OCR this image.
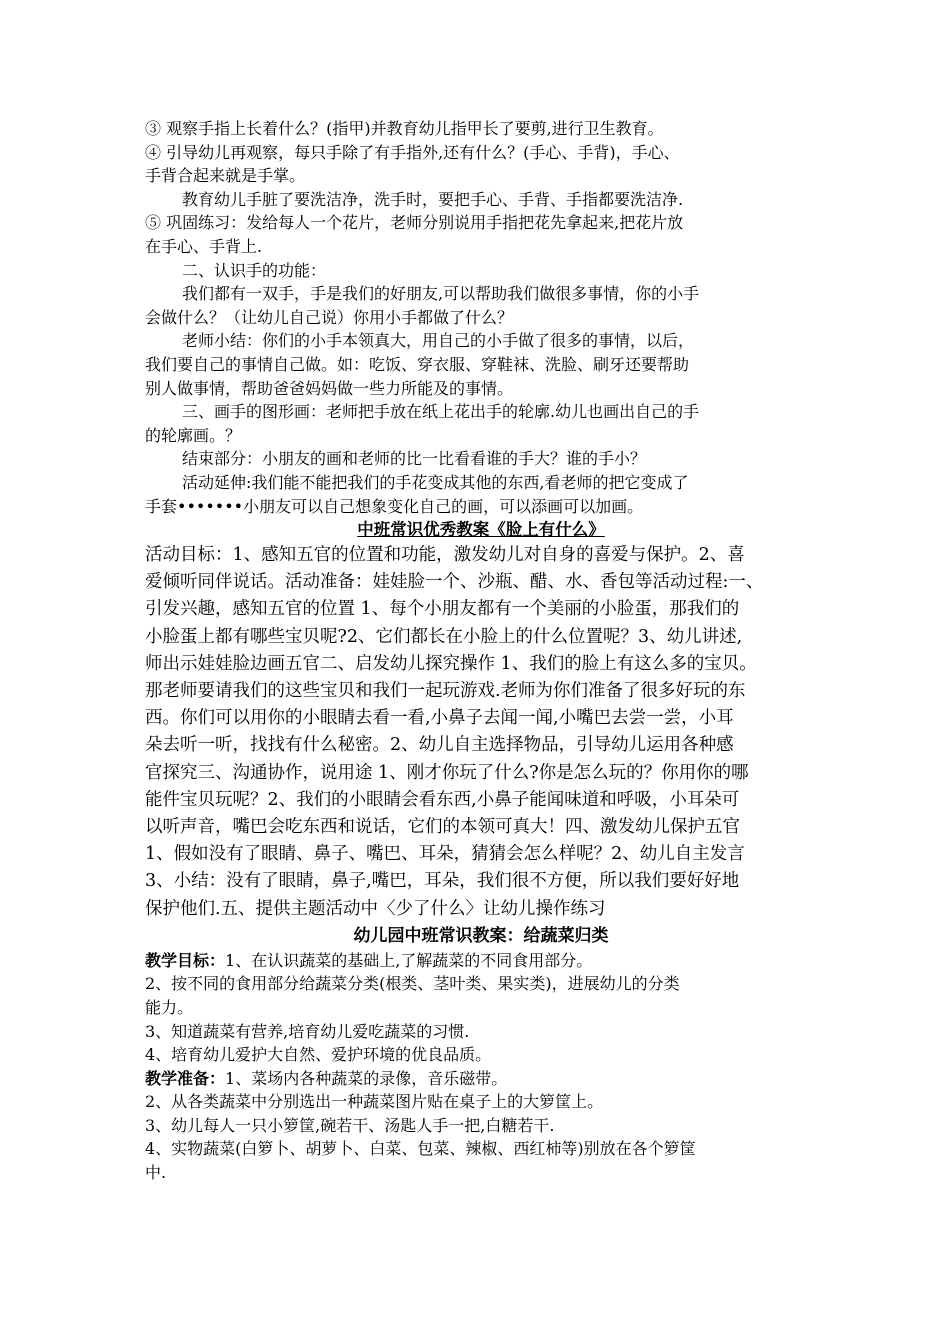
③ 观察手指上长着什么？(指甲)并教育幼儿指甲长了要剪,进行卫生教育。
④ 引导幼儿再观察，每只手除了有手指外,还有什么？(手心、手背)，手心、
手背合起来就是手掌。
教育幼儿手脏了要洗洁净，洗手时，要把手心、手背、手指都要洗洁净.
⑤ 巩固练习：发给每人一个花片，老师分别说用手指把花先拿起来,把花片放
在手心、手背上.
二、认识手的功能：
我们都有一双手，手是我们的好朋友,可以帮助我们做很多事情，你的小手
会做什么？（让幼儿自己说）你用小手都做了什么？
老师小结：你们的小手本领真大，用自己的小手做了很多的事情，以后，
我们要自己的事情自己做。如：吃饭、穿衣服、穿鞋袜、洗脸、刷牙还要帮助
别人做事情，帮助爸爸妈妈做一些力所能及的事情。
三、画手的图形画：老师把手放在纸上花出手的轮廓.幼儿也画出自己的手
的轮廓画。？
结束部分：小朋友的画和老师的比一比看看谁的手大？谁的手小？
活动延伸:我们能不能把我们的手花变成其他的东西,看老师的把它变成了
手套•••••••小朋友可以自己想象变化自己的画，可以添画可以加画。
中班常识优秀教案《脸上有什么》
活动目标：1、感知五官的位置和功能，激发幼儿对自身的喜爱与保护。2、喜
爱倾听同伴说话。活动准备：娃娃脸一个、沙瓶、醋、水、香包等活动过程:一、
引发兴趣，感知五官的位置 1、每个小朋友都有一个美丽的小脸蛋，那我们的
小脸蛋上都有哪些宝贝呢?2、它们都长在小脸上的什么位置呢？3、幼儿讲述,
师出示娃娃脸边画五官二、启发幼儿探究操作 1、我们的脸上有这么多的宝贝。
那老师要请我们的这些宝贝和我们一起玩游戏.老师为你们准备了很多好玩的东
西。你们可以用你的小眼睛去看一看,小鼻子去闻一闻,小嘴巴去尝一尝，小耳
朵去听一听，找找有什么秘密。2、幼儿自主选择物品，引导幼儿运用各种感
官探究三、沟通协作，说用途 1、刚才你玩了什么?你是怎么玩的？你用你的哪
能件宝贝玩呢？2、我们的小眼睛会看东西,小鼻子能闻味道和呼吸，小耳朵可
以听声音，嘴巴会吃东西和说话，它们的本领可真大！四、激发幼儿保护五官
1、假如没有了眼睛、鼻子、嘴巴、耳朵，猜猜会怎么样呢？2、幼儿自主发言
3、小结：没有了眼睛，鼻子,嘴巴，耳朵，我们很不方便，所以我们要好好地
保护他们.五、提供主题活动中〈少了什么〉让幼儿操作练习
幼儿园中班常识教案：给蔬菜归类
教学目标：1、在认识蔬菜的基础上,了解蔬菜的不同食用部分。
2、按不同的食用部分给蔬菜分类(根类、茎叶类、果实类)，进展幼儿的分类
能力。
3、知道蔬菜有营养,培育幼儿爱吃蔬菜的习惯.
4、培育幼儿爱护大自然、爱护环境的优良品质。
教学准备：1、菜场内各种蔬菜的录像，音乐磁带。
2、从各类蔬菜中分别选出一种蔬菜图片贴在桌子上的大箩筐上。
3、幼儿每人一只小箩筐,碗若干、汤匙人手一把,白糖若干.
4、实物蔬菜(白箩卜、胡萝卜、白菜、包菜、辣椒、西红柿等)别放在各个箩筐
中.
